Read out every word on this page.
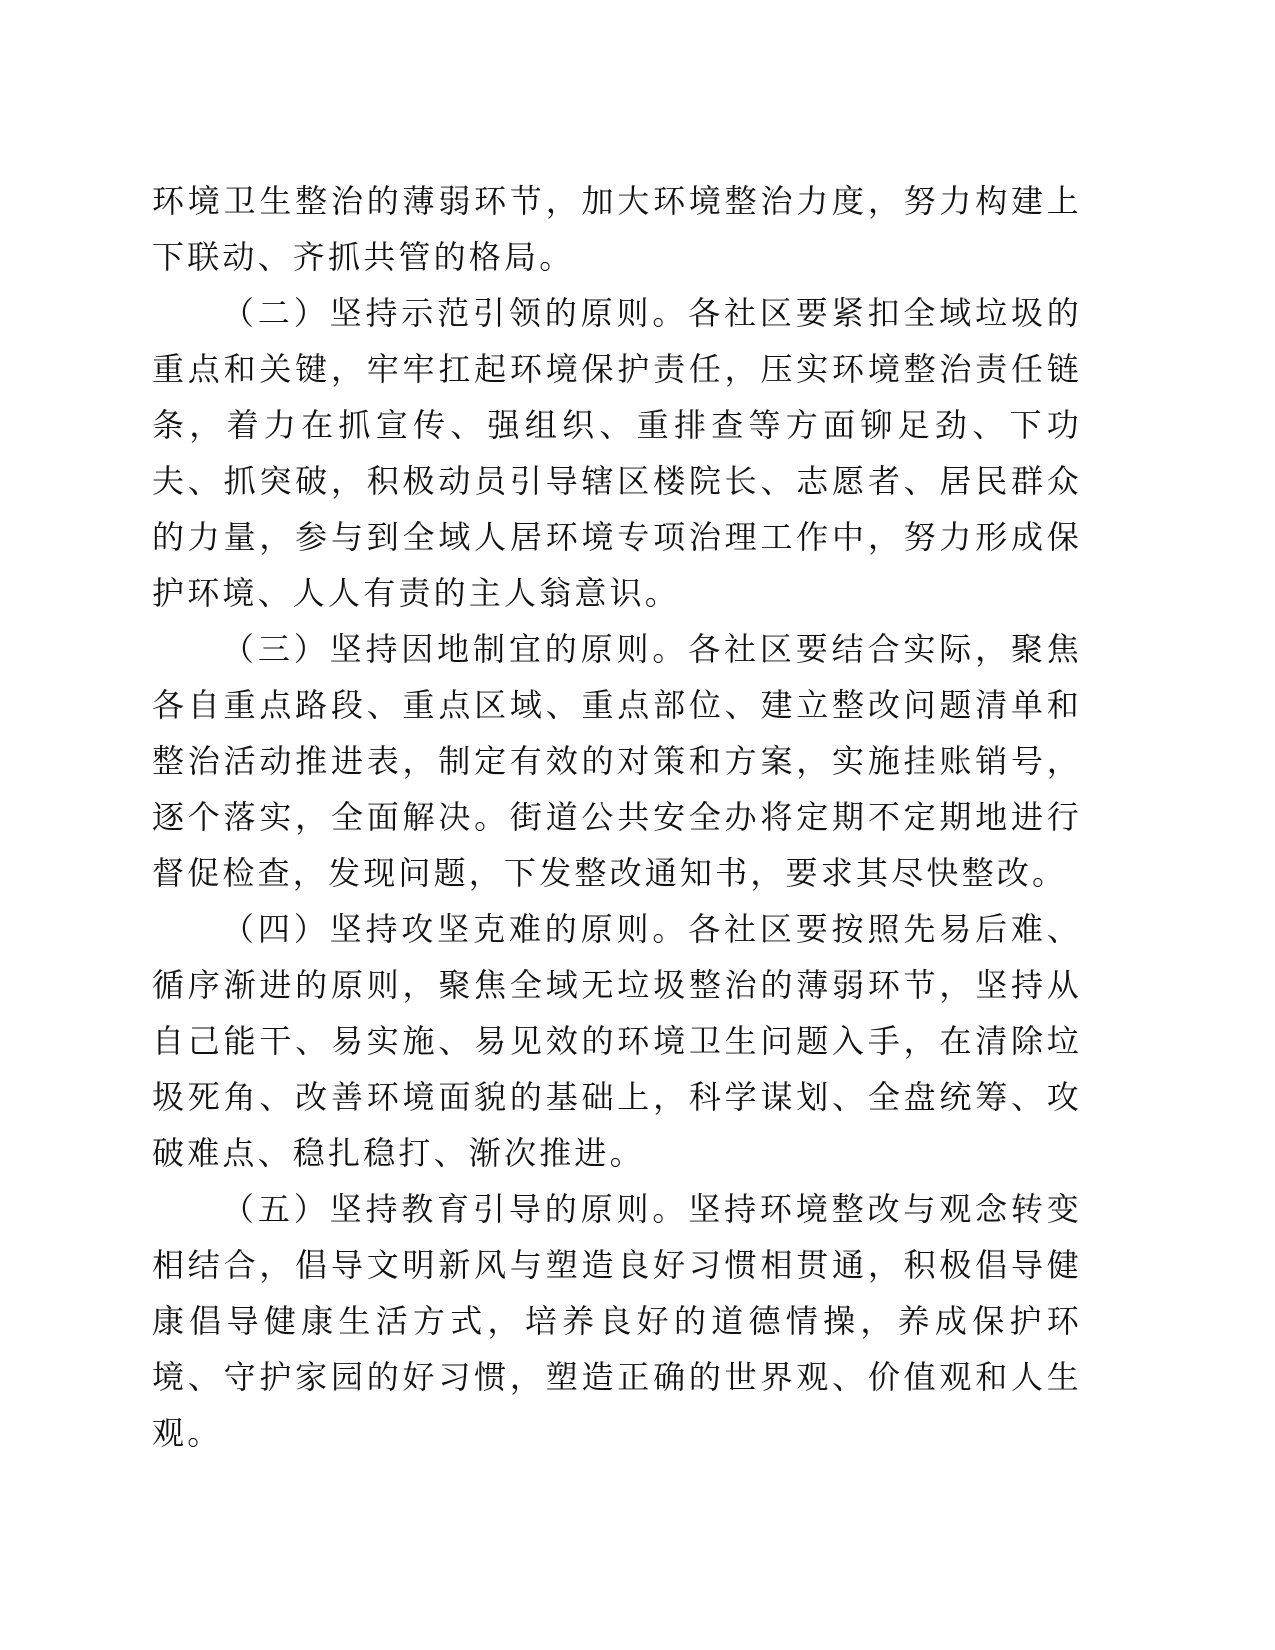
环境卫生整治的薄弱环节，加大环境整治力度，努力构建上下联动、齐抓共管的格局。

（二）坚持示范引领的原则。各社区要紧扣全域垃圾的重点和关键，牢牢扛起环境保护责任，压实环境整治责任链条，着力在抓宣传、强组织、重排查等方面铆足劲、下功夫、抓突破，积极动员引导辖区楼院长、志愿者、居民群众的力量，参与到全域人居环境专项治理工作中，努力形成保护环境、人人有责的主人翁意识。

（三）坚持因地制宜的原则。各社区要结合实际，聚焦各自重点路段、重点区域、重点部位、建立整改问题清单和整治活动推进表，制定有效的对策和方案，实施挂账销号，逐个落实，全面解决。街道公共安全办将定期不定期地进行督促检查，发现问题，下发整改通知书，要求其尽快整改。

（四）坚持攻坚克难的原则。各社区要按照先易后难、循序渐进的原则，聚焦全域无垃圾整治的薄弱环节，坚持从自己能干、易实施、易见效的环境卫生问题入手，在清除垃圾死角、改善环境面貌的基础上，科学谋划、全盘统筹、攻破难点、稳扎稳打、渐次推进。

（五）坚持教育引导的原则。坚持环境整改与观念转变相结合，倡导文明新风与塑造良好习惯相贯通，积极倡导健康倡导健康生活方式，培养良好的道德情操，养成保护环境、守护家园的好习惯，塑造正确的世界观、价值观和人生观。
